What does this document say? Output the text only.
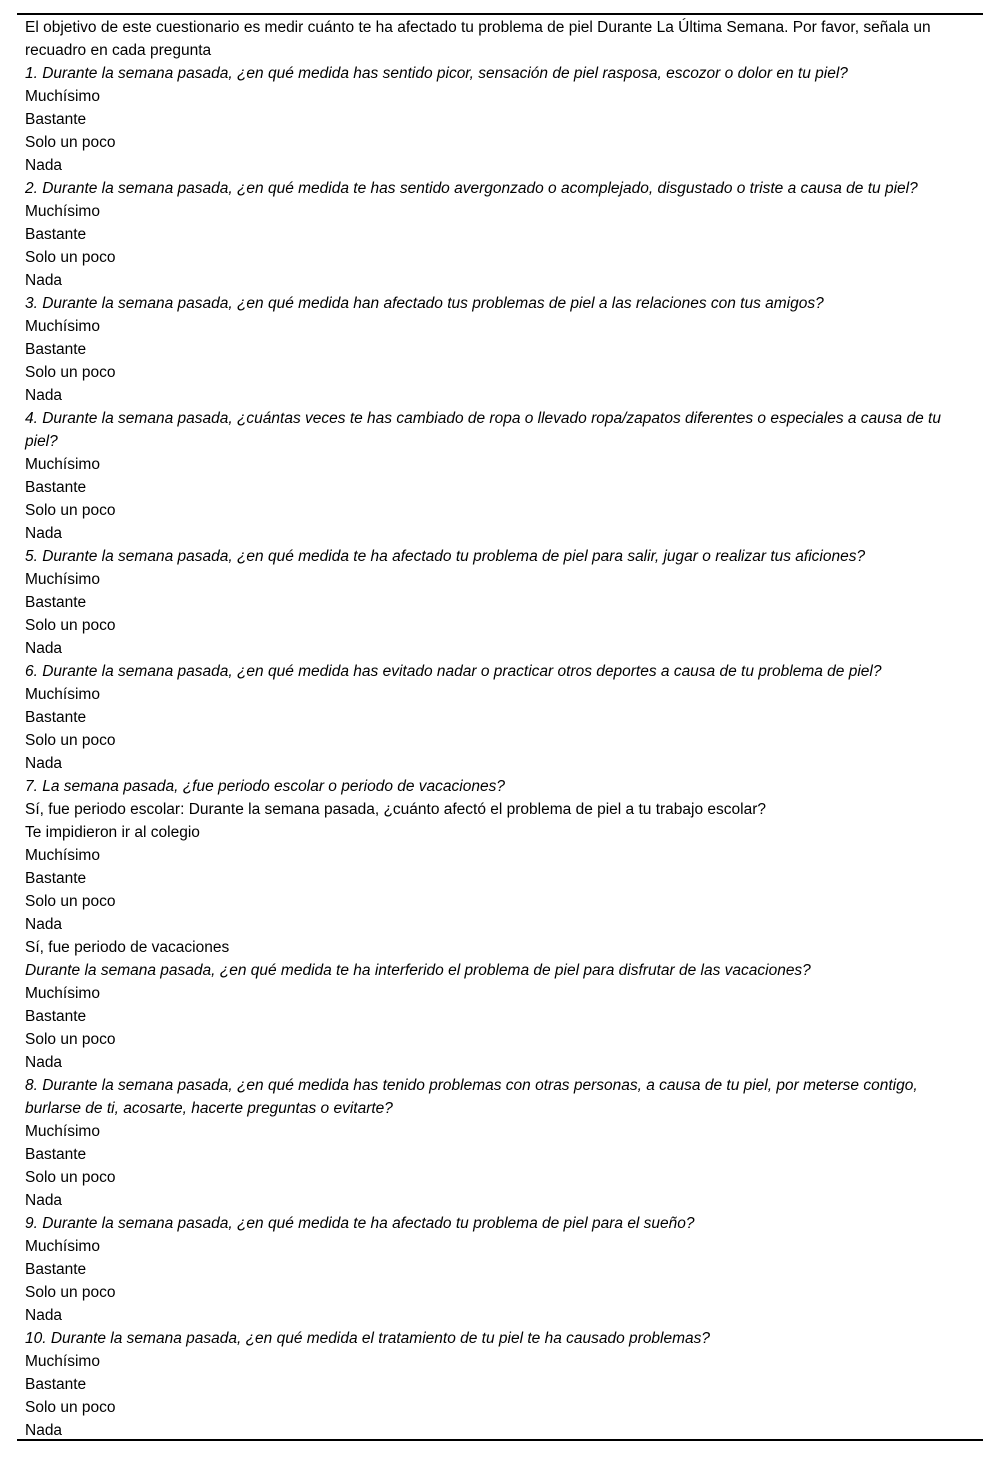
El objetivo de este cuestionario es medir cuánto te ha afectado tu problema de piel Durante La Última Semana. Por favor, señala un recuadro en cada pregunta

1. Durante la semana pasada, ¿en qué medida has sentido picor, sensación de piel rasposa, escozor o dolor en tu piel?

Muchísimo

Bastante

Solo un poco

Nada

2. Durante la semana pasada, ¿en qué medida te has sentido avergonzado o acomplejado, disgustado o triste a causa de tu piel?

Muchísimo

Bastante

Solo un poco

Nada

3. Durante la semana pasada, ¿en qué medida han afectado tus problemas de piel a las relaciones con tus amigos?

Muchísimo

Bastante

Solo un poco

Nada

4. Durante la semana pasada, ¿cuántas veces te has cambiado de ropa o llevado ropa/zapatos diferentes o especiales a causa de tu piel?

Muchísimo

Bastante

Solo un poco

Nada

5. Durante la semana pasada, ¿en qué medida te ha afectado tu problema de piel para salir, jugar o realizar tus aficiones?

Muchísimo

Bastante

Solo un poco

Nada

6. Durante la semana pasada, ¿en qué medida has evitado nadar o practicar otros deportes a causa de tu problema de piel?

Muchísimo

Bastante

Solo un poco

Nada

7. La semana pasada, ¿fue periodo escolar o periodo de vacaciones?

Sí, fue periodo escolar: Durante la semana pasada, ¿cuánto afectó el problema de piel a tu trabajo escolar?

Te impidieron ir al colegio

Muchísimo

Bastante

Solo un poco

Nada

Sí, fue periodo de vacaciones

Durante la semana pasada, ¿en qué medida te ha interferido el problema de piel para disfrutar de las vacaciones?

Muchísimo

Bastante

Solo un poco

Nada

8. Durante la semana pasada, ¿en qué medida has tenido problemas con otras personas, a causa de tu piel, por meterse contigo, burlarse de ti, acosarte, hacerte preguntas o evitarte?

Muchísimo

Bastante

Solo un poco

Nada

9. Durante la semana pasada, ¿en qué medida te ha afectado tu problema de piel para el sueño?

Muchísimo

Bastante

Solo un poco

Nada

10. Durante la semana pasada, ¿en qué medida el tratamiento de tu piel te ha causado problemas?

Muchísimo

Bastante

Solo un poco

Nada
